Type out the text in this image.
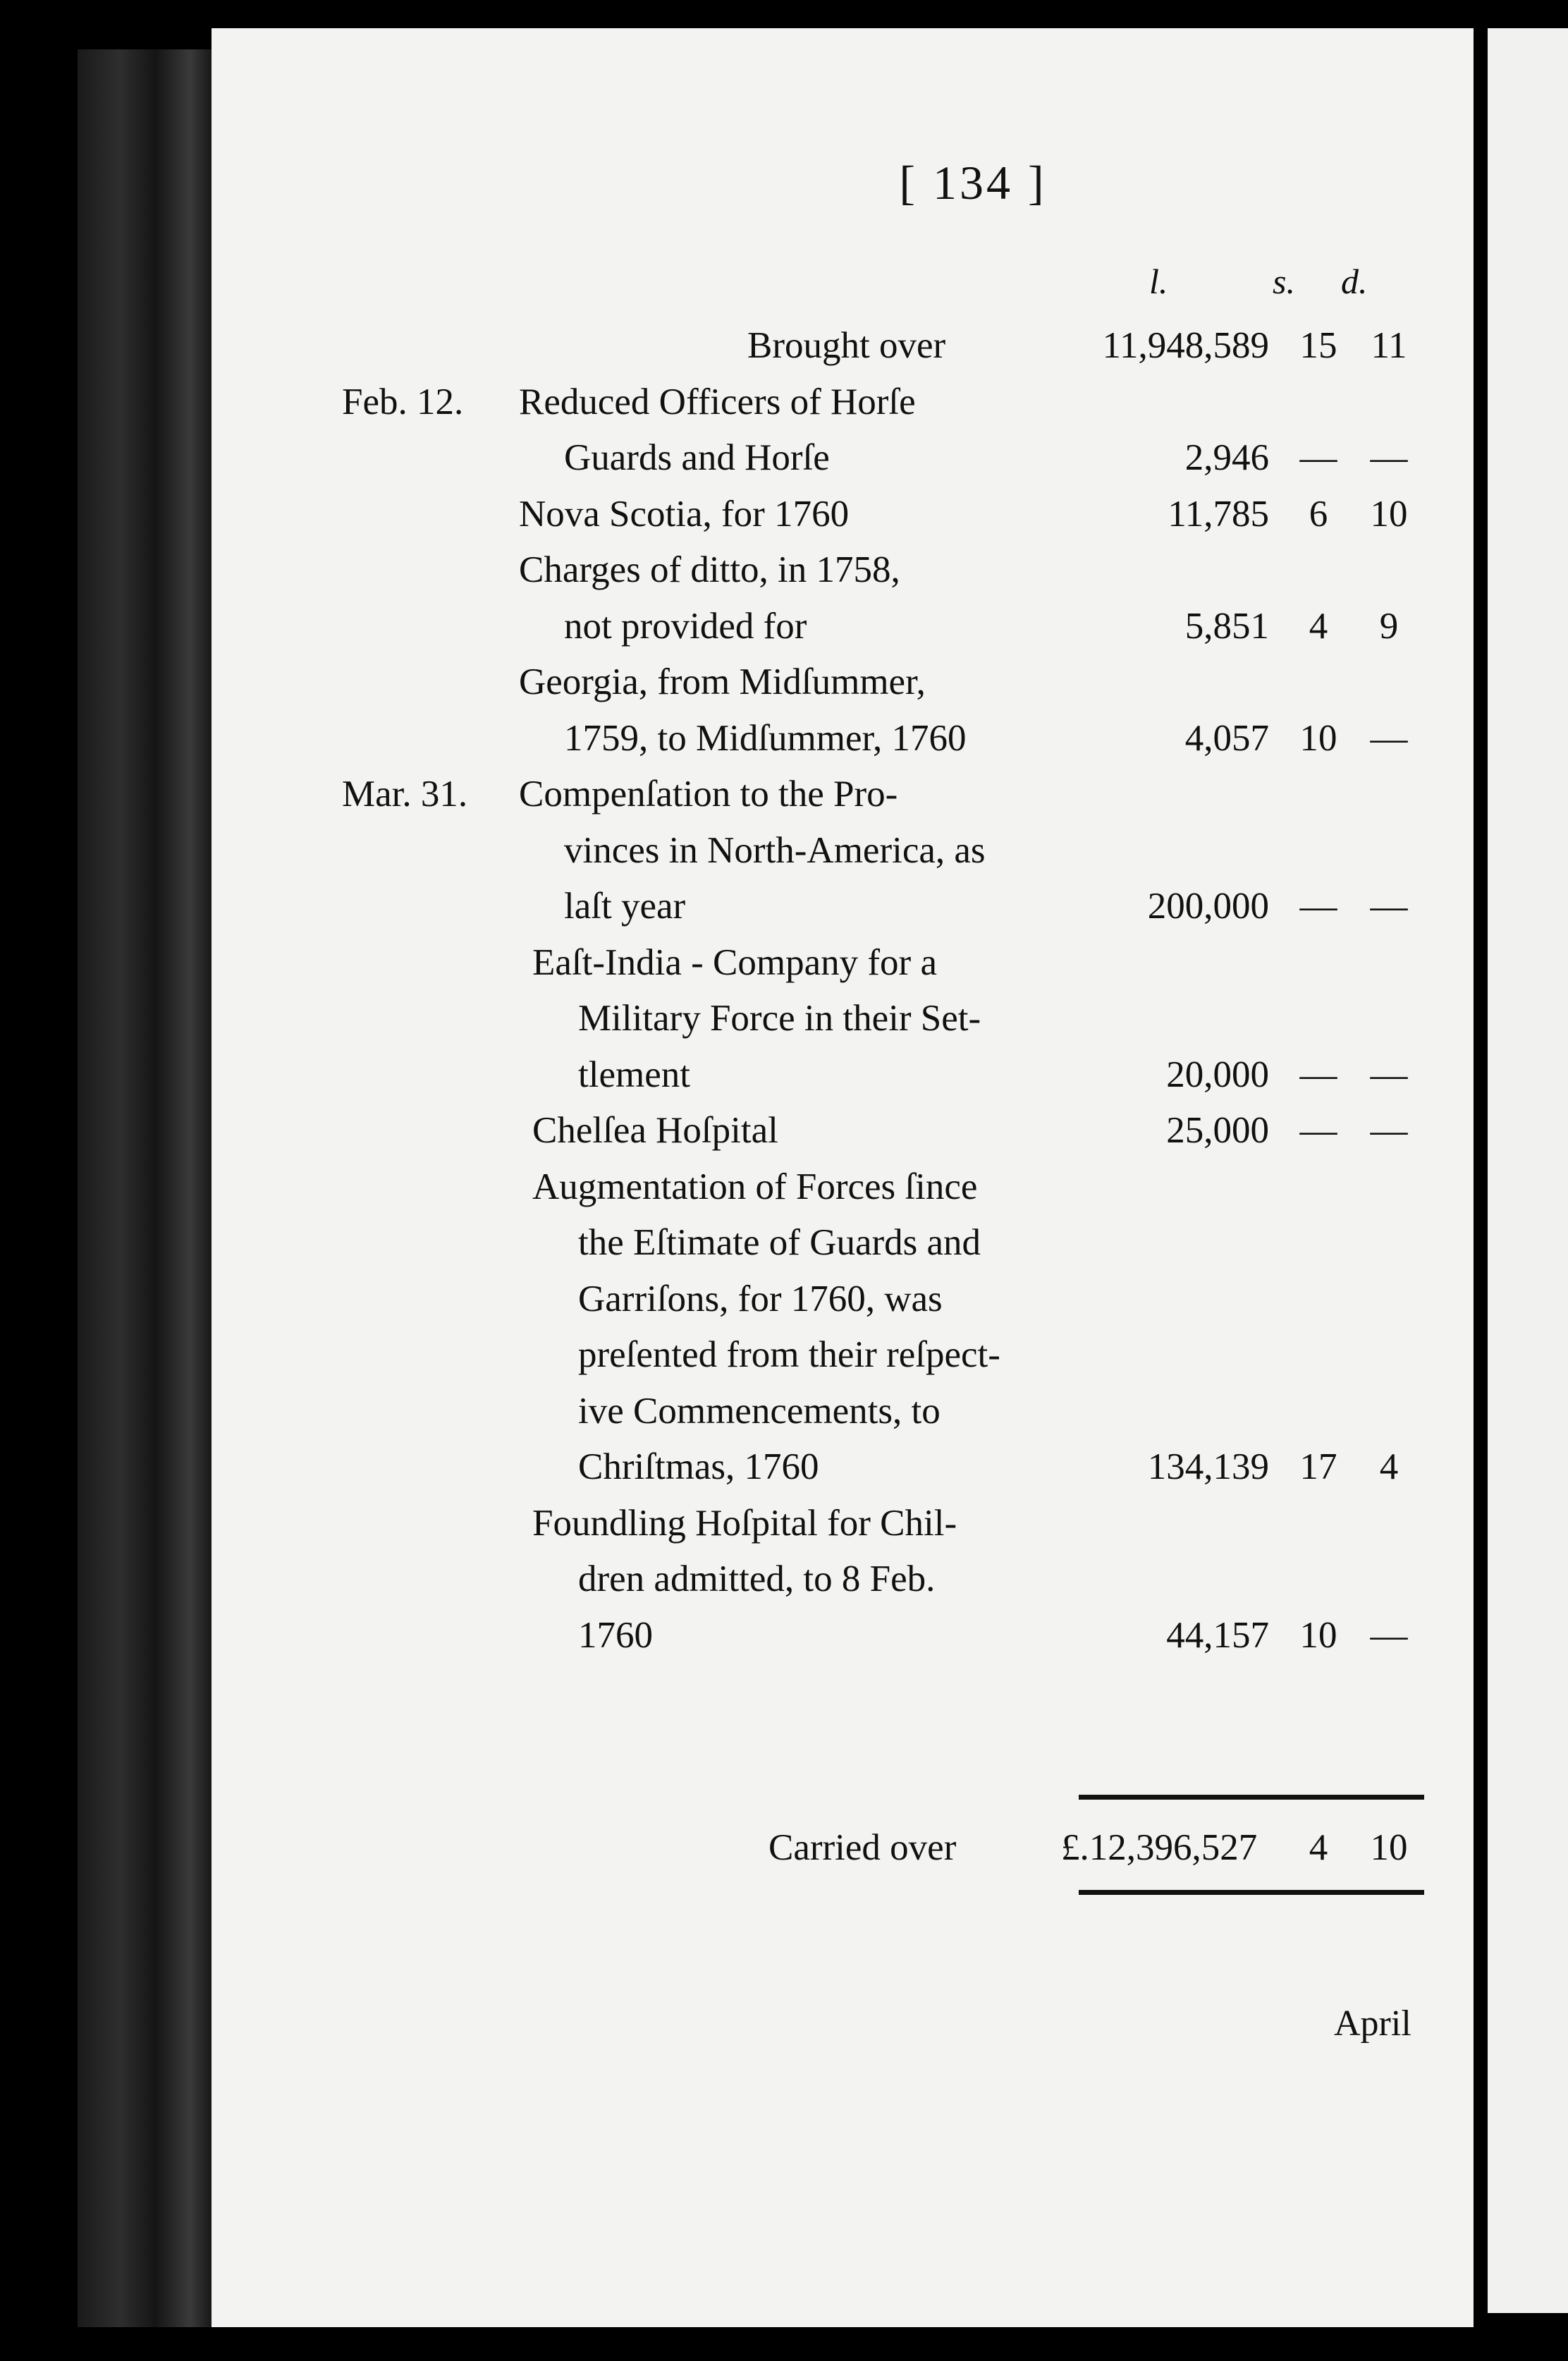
[ 134 ]
l.	s. d.
Brought over	11,948,589 15 11
Feb. 12. Reduced Officers of Horſe
Guards and Horſe	2,946 — —
Nova Scotia, for 1760	11,785	6	10
Charges of ditto, in 1758,
not provided for	5,851	4	9
Georgia, from Midſummer,
1759, to Midſummer, 1760	4,057 10 —
Mar. 31. Compenſation to the Pro-
vinces in North-America, as
laſt year	200,000 — —
Eaſt-India - Company for a
Military Force in their Set-
tlement	20,000 — —
Chelſea Hoſpital	25,000 — —
Augmentation of Forces ſince
the Eſtimate of Guards and
Garriſons, for 1760, was
preſented from their reſpect-
ive Commencements, to
Chriſtmas, 1760	134,139 17	4
Foundling Hoſpital for Chil-
dren admitted, to 8 Feb.
1760	44,157 10 —
Carried over	£.12,396,527	4	10
April
